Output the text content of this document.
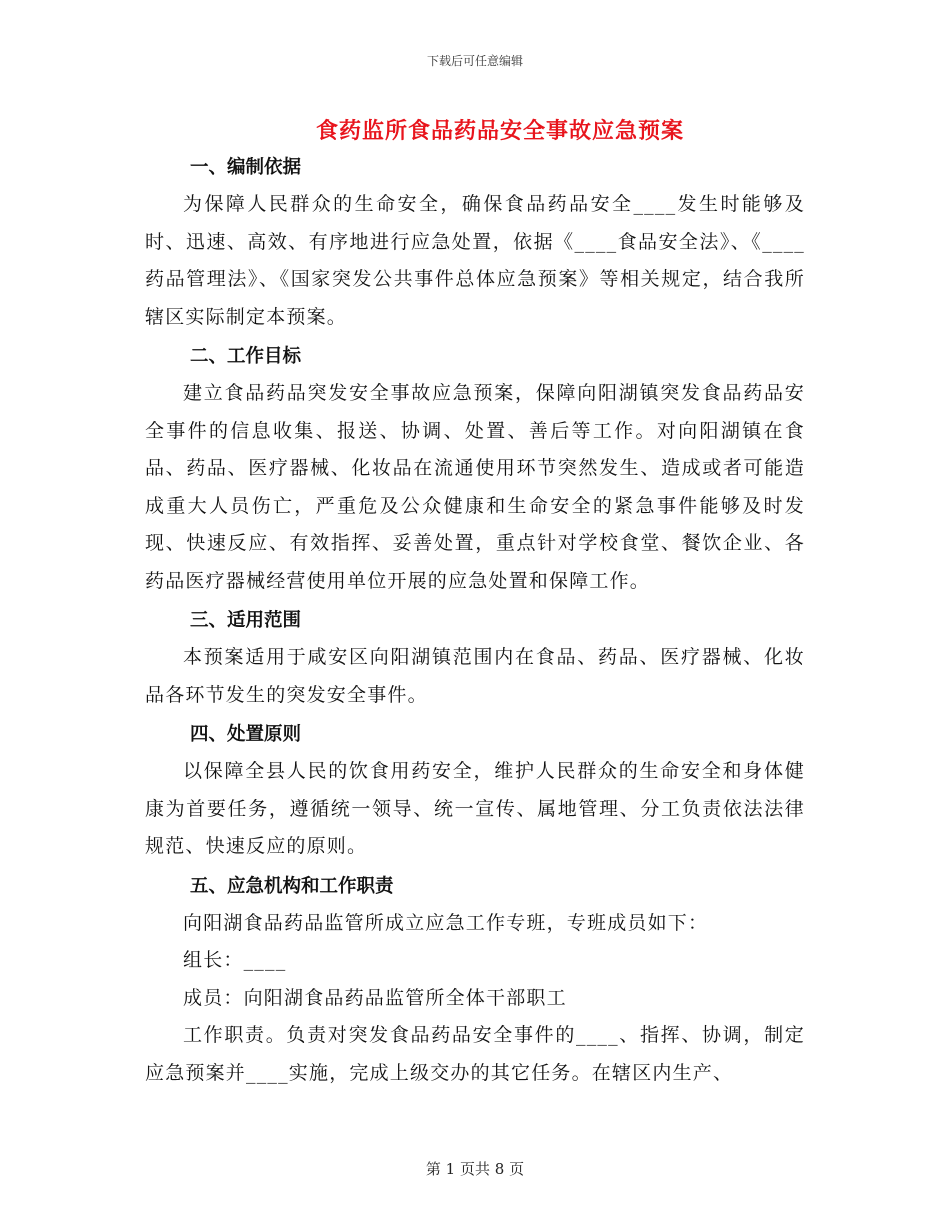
下载后可任意编辑
食药监所食品药品安全事故应急预案

一、编制依据

为保障人民群众的生命安全，确保食品药品安全____发生时能够及时、迅速、高效、有序地进行应急处置，依据《____食品安全法》、《____药品管理法》、《国家突发公共事件总体应急预案》等相关规定，结合我所辖区实际制定本预案。

二、工作目标

建立食品药品突发安全事故应急预案，保障向阳湖镇突发食品药品安全事件的信息收集、报送、协调、处置、善后等工作。对向阳湖镇在食品、药品、医疗器械、化妆品在流通使用环节突然发生、造成或者可能造成重大人员伤亡，严重危及公众健康和生命安全的紧急事件能够及时发现、快速反应、有效指挥、妥善处置，重点针对学校食堂、餐饮企业、各药品医疗器械经营使用单位开展的应急处置和保障工作。

三、适用范围

本预案适用于咸安区向阳湖镇范围内在食品、药品、医疗器械、化妆品各环节发生的突发安全事件。

四、处置原则

以保障全县人民的饮食用药安全，维护人民群众的生命安全和身体健康为首要任务，遵循统一领导、统一宣传、属地管理、分工负责依法法律规范、快速反应的原则。

五、应急机构和工作职责

向阳湖食品药品监管所成立应急工作专班，专班成员如下：

组长：____

成员：向阳湖食品药品监管所全体干部职工

工作职责。负责对突发食品药品安全事件的____、指挥、协调，制定应急预案并____实施，完成上级交办的其它任务。在辖区内生产、

第 1 页共 8 页
